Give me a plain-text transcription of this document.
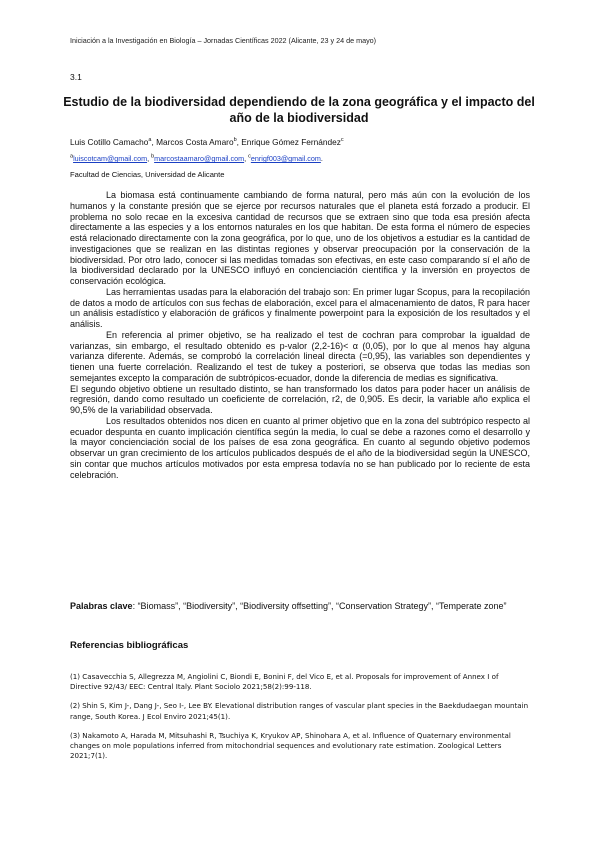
Iniciación a la Investigación en Biología – Jornadas Científicas 2022 (Alicante, 23 y 24 de mayo)
3.1
Estudio de la biodiversidad dependiendo de la zona geográfica y el impacto del año de la biodiversidad
Luis Cotillo Camacho$^a$, Marcos Costa Amaro$^b$, Enrique Gómez Fernández$^c$
$^a$luiscotcam@gmail.com, $^b$marcostaamaro@gmail.com, $^c$enrigf003@gmail.com.
Facultad de Ciencias, Universidad de Alicante

La biomasa está continuamente cambiando de forma natural, pero más aún con la evolución de los humanos y la constante presión que se ejerce por recursos naturales que el planeta está forzado a producir. El problema no solo recae en la excesiva cantidad de recursos que se extraen sino que toda esa presión afecta directamente a las especies y a los entornos naturales en los que habitan. De esta forma el número de especies está relacionado directamente con la zona geográfica, por lo que, uno de los objetivos a estudiar es la cantidad de investigaciones que se realizan en las distintas regiones y observar preocupación por la conservación de la biodiversidad. Por otro lado, conocer si las medidas tomadas son efectivas, en este caso comparando sí el año de la biodiversidad declarado por la UNESCO influyó en concienciación científica y la inversión en proyectos de conservación ecológica.

Las herramientas usadas para la elaboración del trabajo son: En primer lugar Scopus, para la recopilación de datos a modo de artículos con sus fechas de elaboración, excel para el almacenamiento de datos, R para hacer un análisis estadístico y elaboración de gráficos y finalmente powerpoint para la exposición de los resultados y el análisis.

En referencia al primer objetivo, se ha realizado el test de cochran para comprobar la igualdad de varianzas, sin embargo, el resultado obtenido es p-valor (2,2-16)< α (0,05), por lo que al menos hay alguna varianza diferente. Además, se comprobó la correlación lineal directa (=0,95), las variables son dependientes y tienen una fuerte correlación. Realizando el test de tukey a posteriori, se observa que todas las medias son semejantes excepto la comparación de subtrópicos-ecuador, donde la diferencia de medias es significativa.

El segundo objetivo obtiene un resultado distinto, se han transformado los datos para poder hacer un análisis de regresión, dando como resultado un coeficiente de correlación, r2, de 0,905. Es decir, la variable año explica el 90,5% de la variabilidad observada.

Los resultados obtenidos nos dicen en cuanto al primer objetivo que en la zona del subtrópico respecto al ecuador despunta en cuanto implicación científica según la media, lo cual se debe a razones como el desarrollo y la mayor concienciación social de los países de esa zona geográfica. En cuanto al segundo objetivo podemos observar un gran crecimiento de los artículos publicados después de el año de la biodiversidad según la UNESCO, sin contar que muchos artículos motivados por esta empresa todavía no se han publicado por lo reciente de esta celebración.

Palabras clave: “Biomass”, “Biodiversity”, “Biodiversity offsetting”, “Conservation Strategy”, “Temperate zone”
Referencias bibliográficas

(1) Casavecchia S, Allegrezza M, Angiolini C, Biondi E, Bonini F, del Vico E, et al. Proposals for improvement of Annex I of Directive 92/43/ EEC: Central Italy. Plant Sociolo 2021;58(2):99-118.

(2) Shin S, Kim J-, Dang J-, Seo I-, Lee BY. Elevational distribution ranges of vascular plant species in the Baekdudaegan mountain range, South Korea. J Ecol Enviro 2021;45(1).

(3) Nakamoto A, Harada M, Mitsuhashi R, Tsuchiya K, Kryukov AP, Shinohara A, et al. Influence of Quaternary environmental changes on mole populations inferred from mitochondrial sequences and evolutionary rate estimation. Zoological Letters 2021;7(1).
